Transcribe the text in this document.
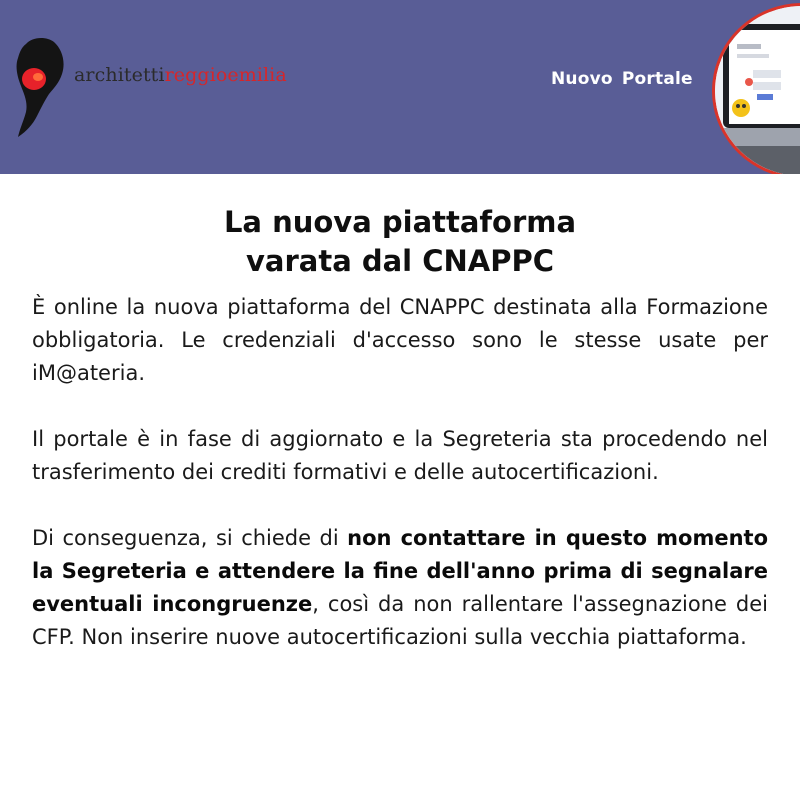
architettireggioemilia	Nuovo Portale
La nuova piattaforma
varata dal CNAPPC

È online la nuova piattaforma del CNAPPC destinata alla Formazione obbligatoria. Le credenziali d'accesso sono le stesse usate per iM@ateria.

Il portale è in fase di aggiornato e la Segreteria sta procedendo nel trasferimento dei crediti formativi e delle autocertificazioni.

Di conseguenza, si chiede di non contattare in questo momento la Segreteria e attendere la fine dell'anno prima di segnalare eventuali incongruenze, così da non rallentare l'assegnazione dei CFP. Non inserire nuove autocertificazioni sulla vecchia piattaforma.
